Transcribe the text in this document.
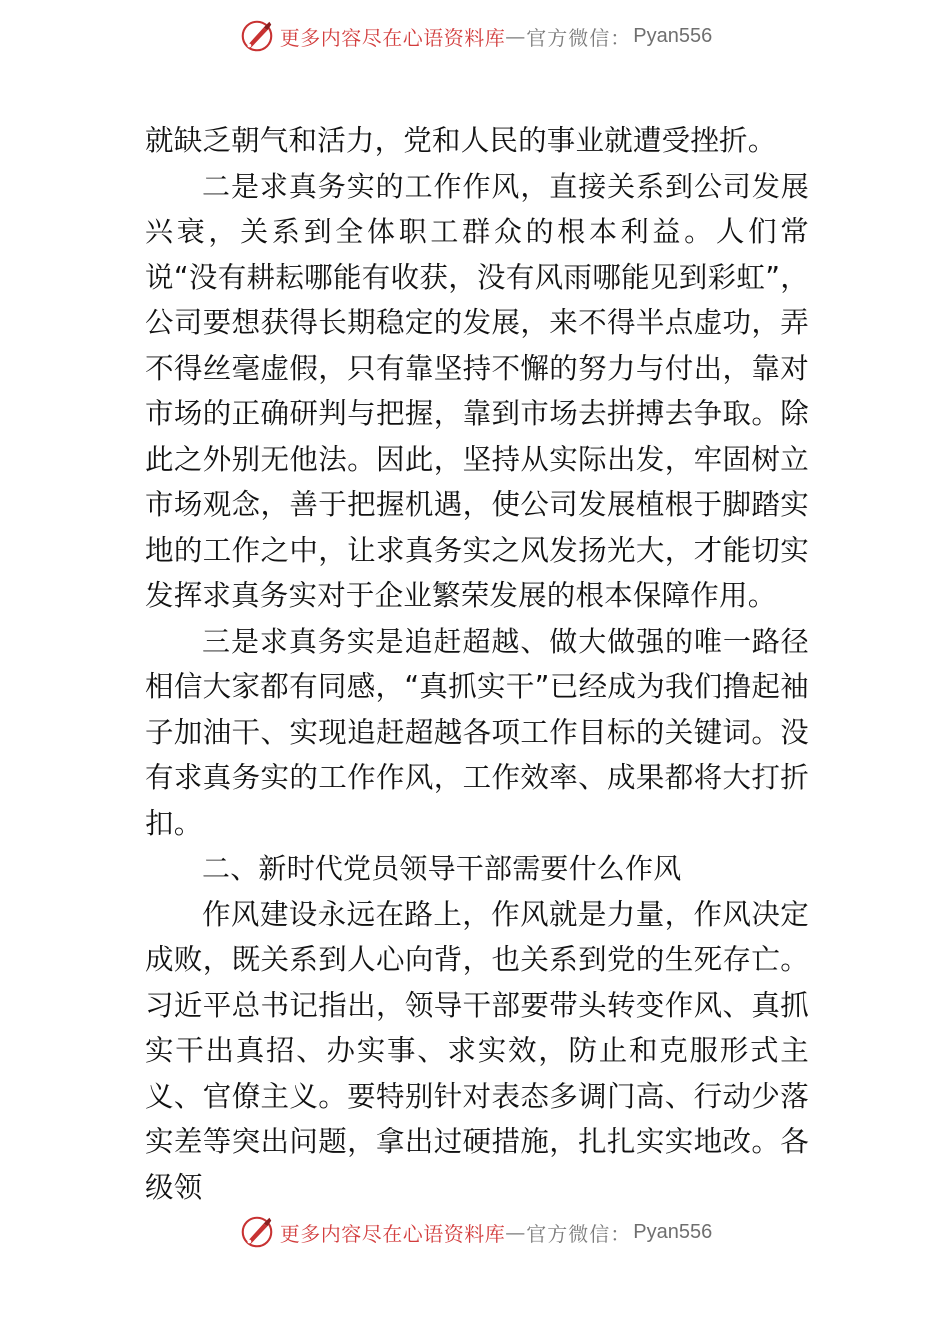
更多内容尽在心语资料库 — 官方微信： Pyan556

就缺乏朝气和活力，党和人民的事业就遭受挫折。

二是求真务实的工作作风，直接关系到公司发展兴衰，关系到全体职工群众的根本利益。人们常说“没有耕耘哪能有收获，没有风雨哪能见到彩虹”，公司要想获得长期稳定的发展，来不得半点虚功，弄不得丝毫虚假，只有靠坚持不懈的努力与付出，靠对市场的正确研判与把握，靠到市场去拼搏去争取。除此之外别无他法。因此，坚持从实际出发，牢固树立市场观念，善于把握机遇，使公司发展植根于脚踏实地的工作之中，让求真务实之风发扬光大，才能切实发挥求真务实对于企业繁荣发展的根本保障作用。

三是求真务实是追赶超越、做大做强的唯一路径相信大家都有同感，“真抓实干”已经成为我们撸起袖子加油干、实现追赶超越各项工作目标的关键词。没有求真务实的工作作风，工作效率、成果都将大打折扣。

二、新时代党员领导干部需要什么作风

作风建设永远在路上，作风就是力量，作风决定成败，既关系到人心向背，也关系到党的生死存亡。习近平总书记指出，领导干部要带头转变作风、真抓实干出真招、办实事、求实效，防止和克服形式主义、官僚主义。要特别针对表态多调门高、行动少落实差等突出问题，拿出过硬措施，扎扎实实地改。各级领

更多内容尽在心语资料库 — 官方微信： Pyan556
